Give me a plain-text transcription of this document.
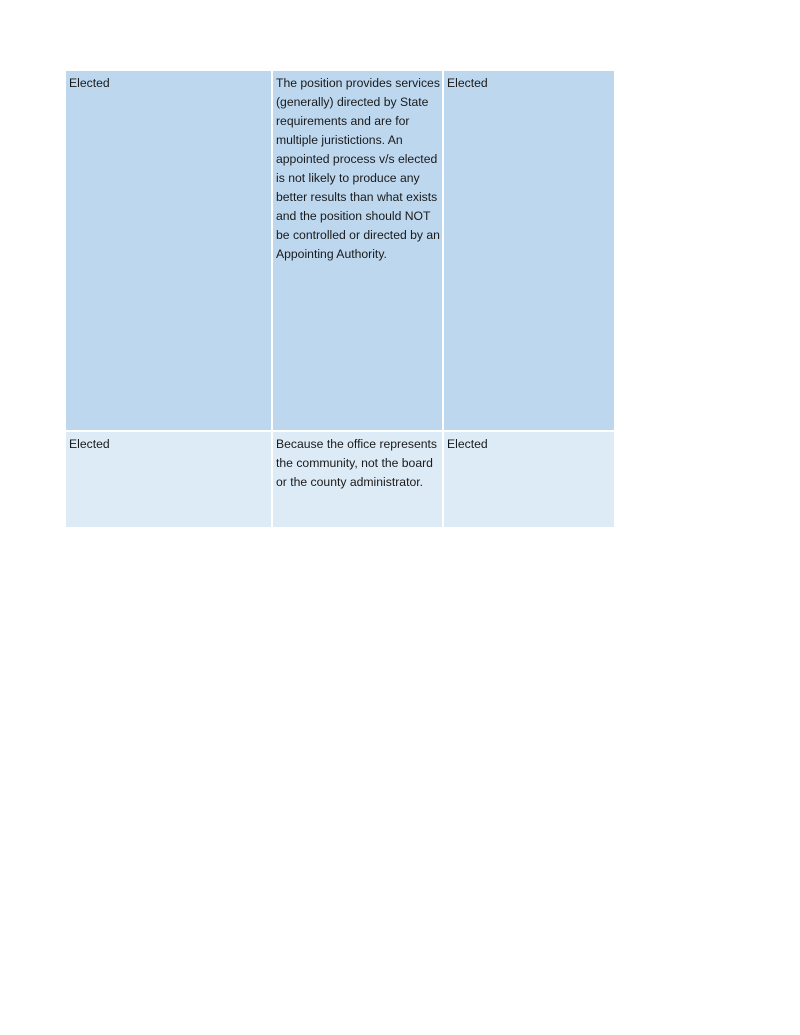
Elected	The position provides services (generally) directed by State requirements and are for multiple juristictions. An appointed process v/s elected is not likely to produce any better results than what exists and the position should NOT be controlled or directed by an Appointing Authority.	Elected
Elected	Because the office represents the community, not the board or the county administrator.	Elected
